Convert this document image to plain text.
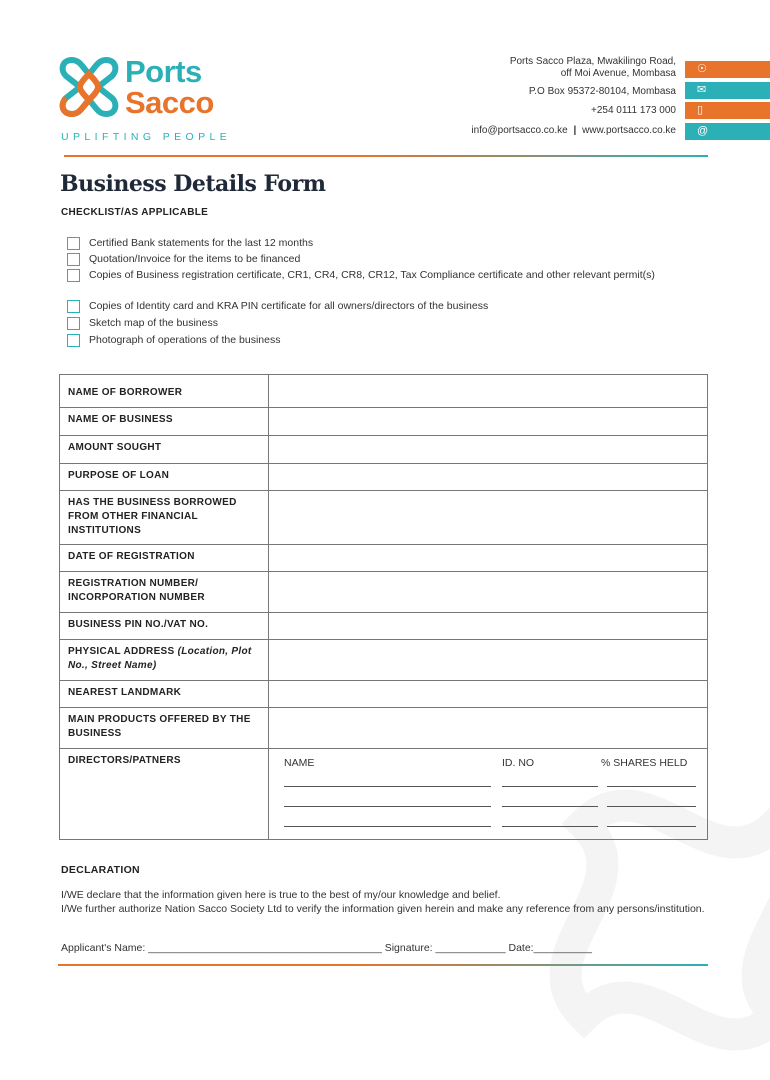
Ports
Sacco
UPLIFTING PEOPLE
Ports Sacco Plaza, Mwakilingo Road,
off Moi Avenue, Mombasa
P.O Box 95372-80104, Mombasa
+254 0111 173 000
info@portsacco.co.ke | www.portsacco.co.ke
☉
✉
▯
@
Business Details Form
CHECKLIST/AS APPLICABLE
Certified Bank statements for the last 12 months
Quotation/Invoice for the items to be financed
Copies of Business registration certificate, CR1, CR4, CR8, CR12, Tax Compliance certificate and other relevant permit(s)
Copies of Identity card and KRA PIN certificate for all owners/directors of the business
Sketch map of the business
Photograph of operations of the business
NAME OF BORROWER	
NAME OF BUSINESS	
AMOUNT SOUGHT	
PURPOSE OF LOAN	
HAS THE BUSINESS BORROWED FROM OTHER FINANCIAL INSTITUTIONS	
DATE OF REGISTRATION	
REGISTRATION NUMBER/ INCORPORATION NUMBER	
BUSINESS PIN NO./VAT NO.	
PHYSICAL ADDRESS (Location, Plot No., Street Name)	
NEAREST LANDMARK	
MAIN PRODUCTS OFFERED BY THE BUSINESS	
DIRECTORS/PATNERS	NAME ID. NO % SHARES HELD
DECLARATION
I/WE declare that the information given here is true to the best of my/our knowledge and belief.
I/We further authorize Nation Sacco Society Ltd to verify the information given herein and make any reference from any persons/institution.
Applicant's Name: ________________________________________ Signature: ____________ Date:__________
